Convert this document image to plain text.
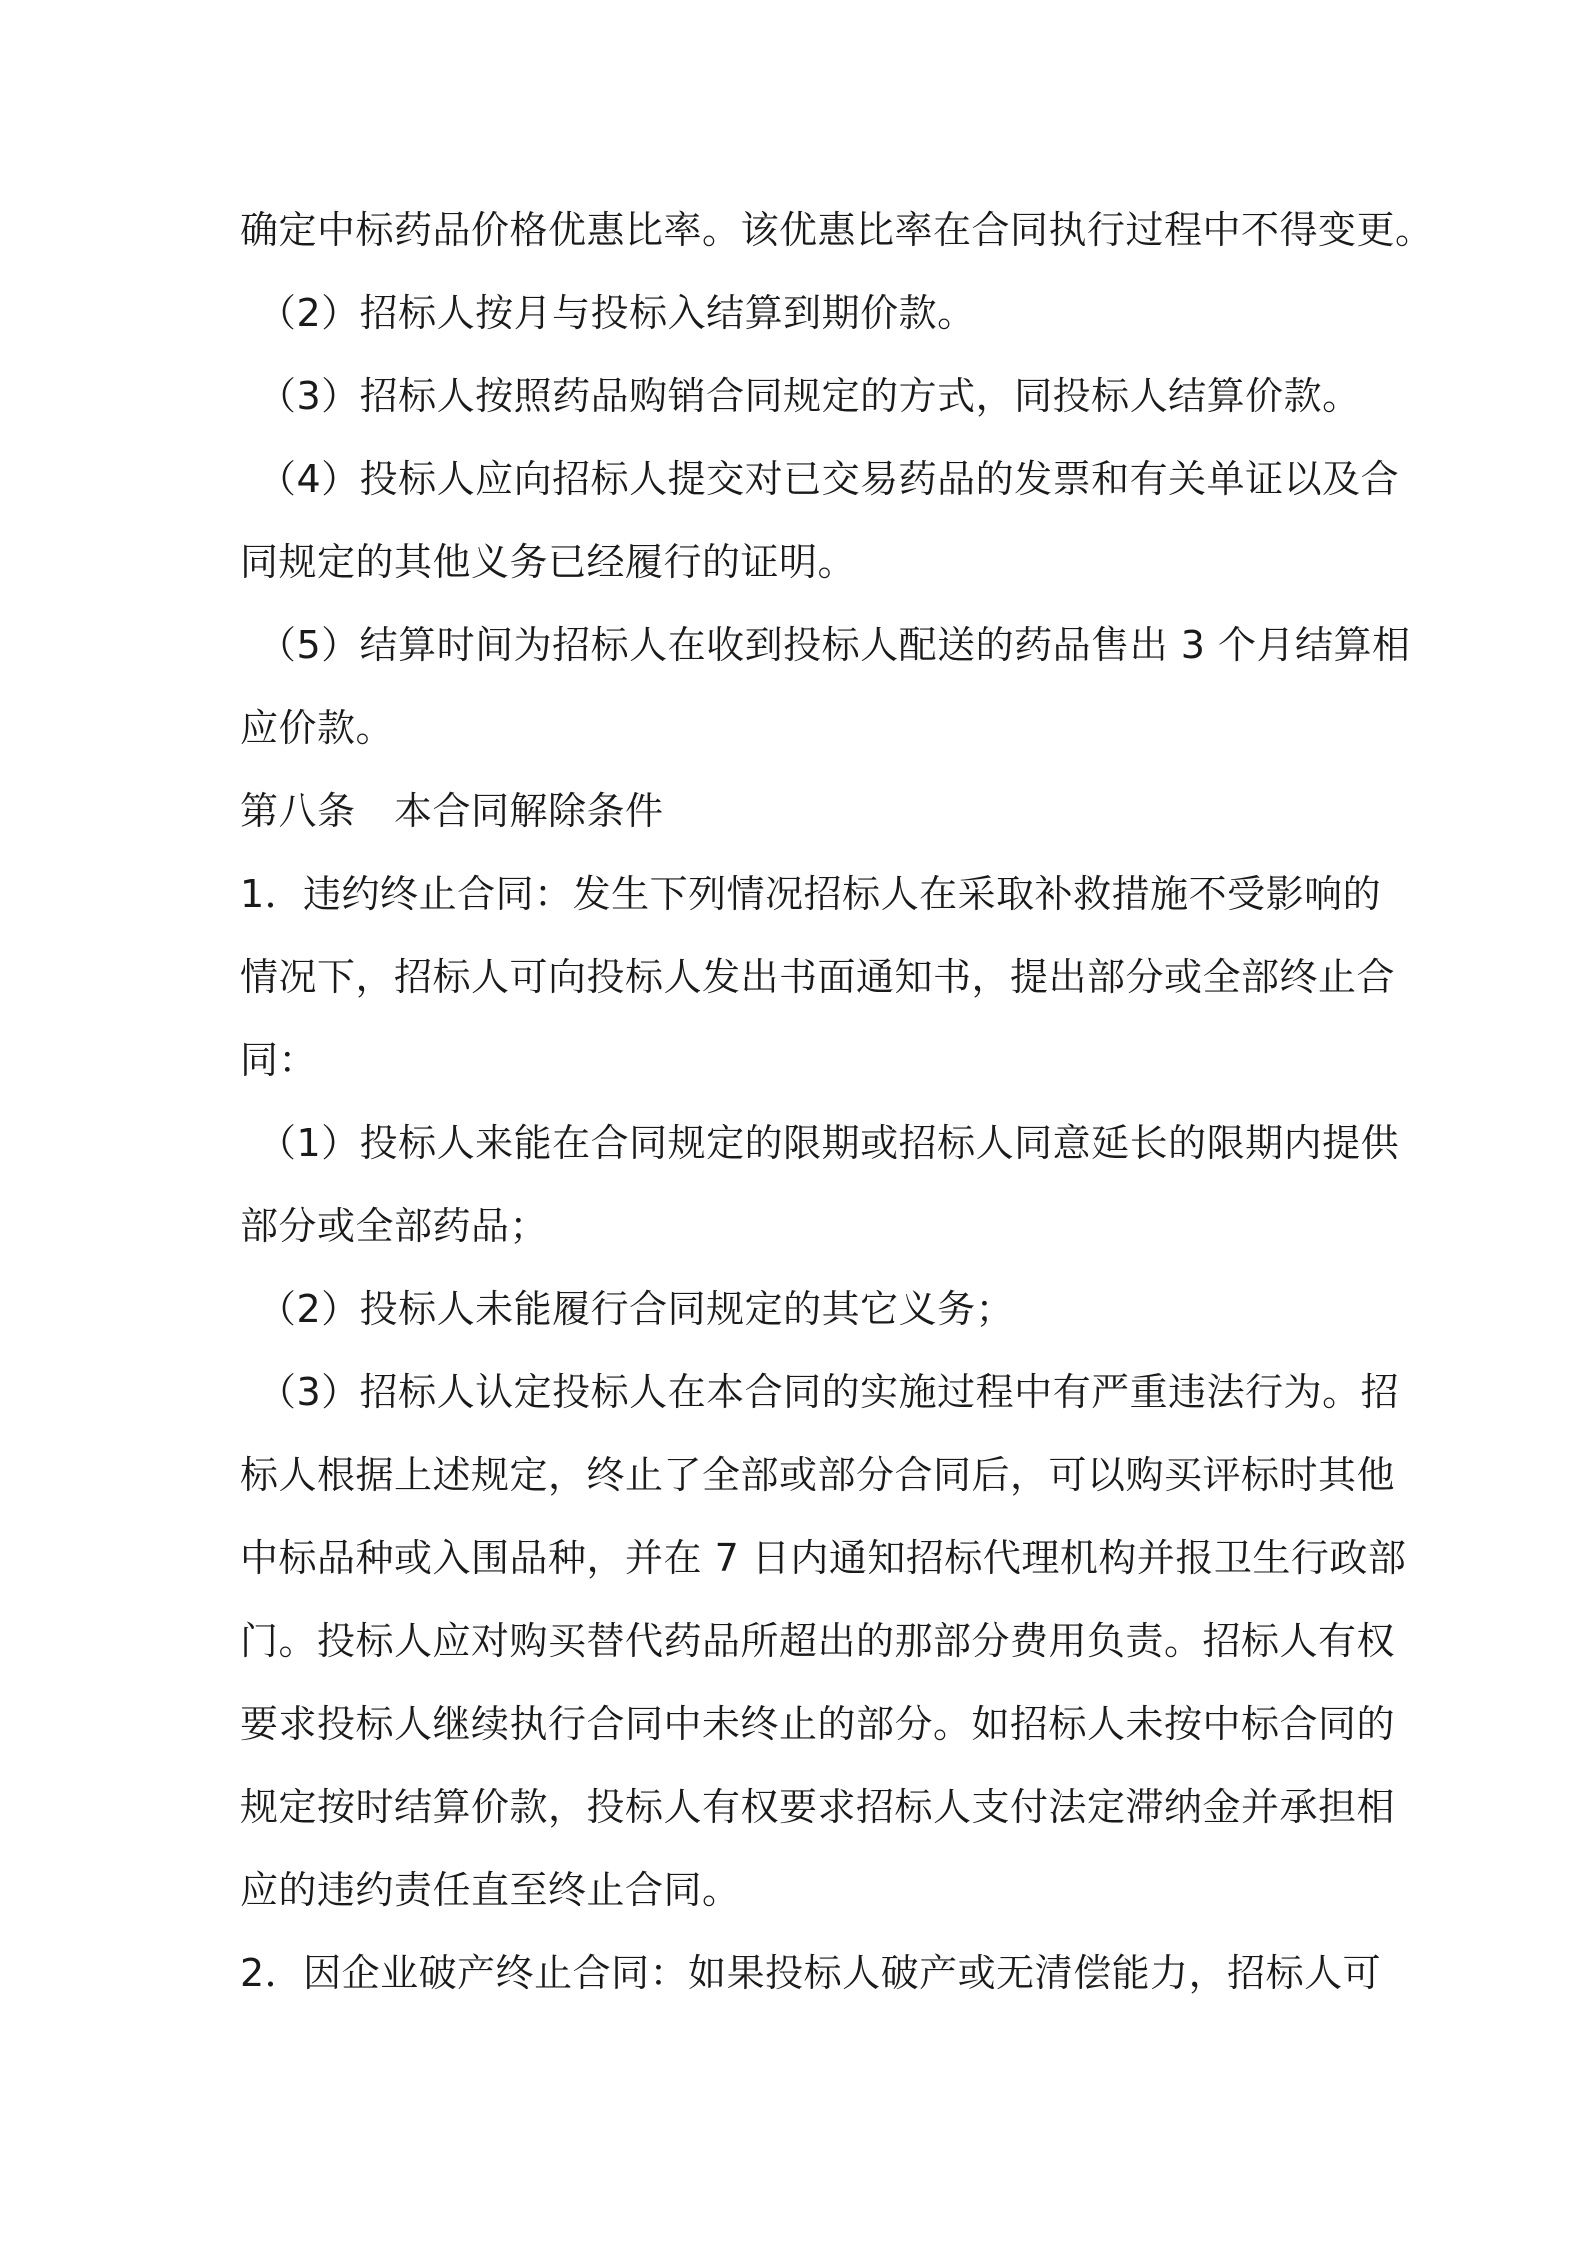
确定中标药品价格优惠比率。该优惠比率在合同执行过程中不得变更。
（2）招标人按月与投标入结算到期价款。
（3）招标人按照药品购销合同规定的方式，同投标人结算价款。
（4）投标人应向招标人提交对已交易药品的发票和有关单证以及合
同规定的其他义务已经履行的证明。
（5）结算时间为招标人在收到投标人配送的药品售出 3 个月结算相
应价款。
第八条　本合同解除条件
1．违约终止合同：发生下列情况招标人在采取补救措施不受影响的
情况下，招标人可向投标人发出书面通知书，提出部分或全部终止合
同：
（1）投标人来能在合同规定的限期或招标人同意延长的限期内提供
部分或全部药品；
（2）投标人未能履行合同规定的其它义务；
（3）招标人认定投标人在本合同的实施过程中有严重违法行为。招
标人根据上述规定，终止了全部或部分合同后，可以购买评标时其他
中标品种或入围品种，并在 7 日内通知招标代理机构并报卫生行政部
门。投标人应对购买替代药品所超出的那部分费用负责。招标人有权
要求投标人继续执行合同中未终止的部分。如招标人未按中标合同的
规定按时结算价款，投标人有权要求招标人支付法定滞纳金并承担相
应的违约责任直至终止合同。
2．因企业破产终止合同：如果投标人破产或无清偿能力，招标人可
